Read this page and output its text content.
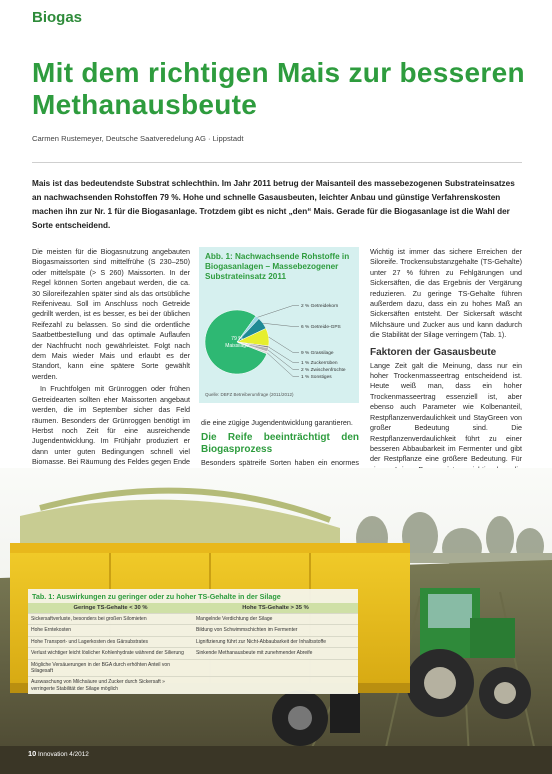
Biogas
Mit dem richtigen Mais zur besseren Methanausbeute
Carmen Rustemeyer, Deutsche Saatveredelung AG · Lippstadt
Mais ist das bedeutendste Substrat schlechthin. Im Jahr 2011 betrug der Maisanteil des massebezogenen Substrateinsatzes an nachwachsenden Rohstoffen 79 %. Hohe und schnelle Gasausbeuten, leichter Anbau und günstige Verfahrenskosten machen ihn zur Nr. 1 für die Biogasanlage. Trotzdem gibt es nicht „den“ Mais. Gerade für die Biogasanlage ist die Wahl der Sorte entscheidend.

Die meisten für die Biogasnutzung angebauten Biogasmaissorten sind mittelfrühe (S 230–250) oder mittelspäte (> S 260) Maissorten. In der Regel können Sorten angebaut werden, die ca. 30 Siloreifezahlen später sind als das ortsübliche Reifeniveau. Soll im Anschluss noch Getreide gedrillt werden, ist es besser, es bei der üblichen Reifezahl zu belassen. So sind die ordentliche Saatbettbestellung und das optimale Auflaufen der Nachfrucht noch gewährleistet. Folgt nach dem Mais wieder Mais und erlaubt es der Standort, kann eine spätere Sorte gewählt werden.

In Fruchtfolgen mit Grünroggen oder frühen Getreidearten sollten eher Maissorten angebaut werden, die im September sicher das Feld räumen. Besonders der Grünroggen benötigt im Herbst noch Zeit für eine ausreichende Jugendentwicklung. Im Frühjahr produziert er dann unter guten Bedingungen schnell viel Biomasse. Bei Räumung des Feldes gegen Ende

Abb. 1: Nachwachsende Rohstoffe in Biogasanlagen – Massebezogener Substrateinsatz 2011
79 %
Maissilage
2 % Getreidekorn
6 % Getreide-GPS
9 % Grassilage
1 % Zuckerrüben
2 % Zwischenfrüchte
1 % Sonstiges
Quelle: DBFZ Betreiberumfrage (2011/2012)

die eine zügige Jugendentwicklung garantieren.

Die Reife beeinträchtigt den Biogasprozess

Besonders spätreife Sorten haben ein enormes

Wichtig ist immer das sichere Erreichen der Siloreife. Trockensubstanzgehalte (TS-Gehalte) unter 27 % führen zu Fehlgärungen und Sickersäften, die das Ergebnis der Vergärung reduzieren. Zu geringe TS-Gehalte führen außerdem dazu, dass ein zu hohes Maß an Sickersäften entsteht. Der Sickersaft wäscht Milchsäure und Zucker aus und kann dadurch die Stabilität der Silage verringern (Tab. 1).

Faktoren der Gasausbeute

Lange Zeit galt die Meinung, dass nur ein hoher Trockenmasseertrag entscheidend ist. Heute weiß man, dass ein hoher Trockenmasseertrag essenziell ist, aber ebenso auch Parameter wie Kolbenanteil, Restpflanzenverdaulichkeit und StayGreen von großer Bedeutung sind. Die Restpflanzenverdaulichkeit führt zu einer besseren Abbaubarkeit im Fermenter und gibt der Restpflanze eine größere Bedeutung. Für

Tab. 1: Auswirkungen zu geringer oder zu hoher TS-Gehalte in der Silage
Geringe TS-Gehalte < 30 %	Hohe TS-Gehalte > 35 %
Sickersaftverluste, besonders bei großen Silomieten	Mangelnde Verdichtung der Silage
Hohe Erntekosten	Bildung von Schwimmschichten im Fermenter
Hohe Transport- und Lagerkosten des Gärsubstrates	Lignifizierung führt zur Nicht-Abbaubarkeit der Inhaltsstoffe
Verlust wichtiger leicht löslicher Kohlenhydrate während der Silierung	Sinkende Methanausbeute mit zunehmender Abreife
Mögliche Versäuerungen in der BGA durch erhöhten Anteil von Silagesaft	
Auswaschung von Milchsäure und Zucker durch Sickersaft » verringerte Stabilität der Silage möglich	
10 Innovation 4/2012
